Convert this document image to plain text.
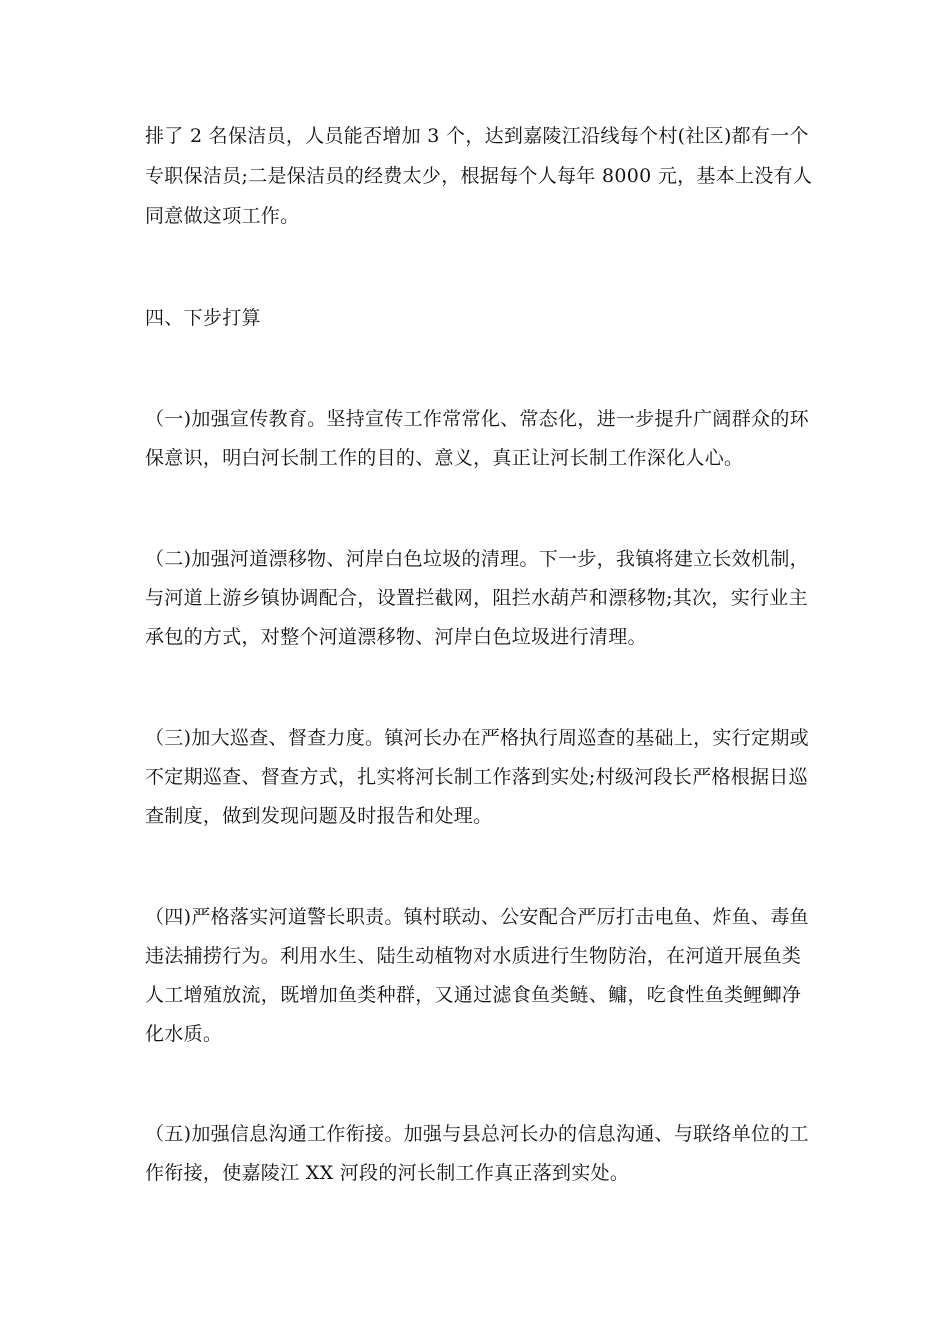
排了 2 名保洁员，人员能否增加 3 个，达到嘉陵江沿线每个村(社区)都有一个
专职保洁员;二是保洁员的经费太少，根据每个人每年 8000 元，基本上没有人
同意做这项工作。
四、下步打算
（一)加强宣传教育。坚持宣传工作常常化、常态化，进一步提升广阔群众的环
保意识，明白河长制工作的目的、意义，真正让河长制工作深化人心。
（二)加强河道漂移物、河岸白色垃圾的清理。下一步，我镇将建立长效机制，
与河道上游乡镇协调配合，设置拦截网，阻拦水葫芦和漂移物;其次，实行业主
承包的方式，对整个河道漂移物、河岸白色垃圾进行清理。
（三)加大巡查、督查力度。镇河长办在严格执行周巡查的基础上，实行定期或
不定期巡查、督查方式，扎实将河长制工作落到实处;村级河段长严格根据日巡
查制度，做到发现问题及时报告和处理。
（四)严格落实河道警长职责。镇村联动、公安配合严厉打击电鱼、炸鱼、毒鱼
违法捕捞行为。利用水生、陆生动植物对水质进行生物防治，在河道开展鱼类
人工增殖放流，既增加鱼类种群，又通过滤食鱼类鲢、鳙，吃食性鱼类鲤鲫净
化水质。
（五)加强信息沟通工作衔接。加强与县总河长办的信息沟通、与联络单位的工
作衔接，使嘉陵江 XX 河段的河长制工作真正落到实处。
